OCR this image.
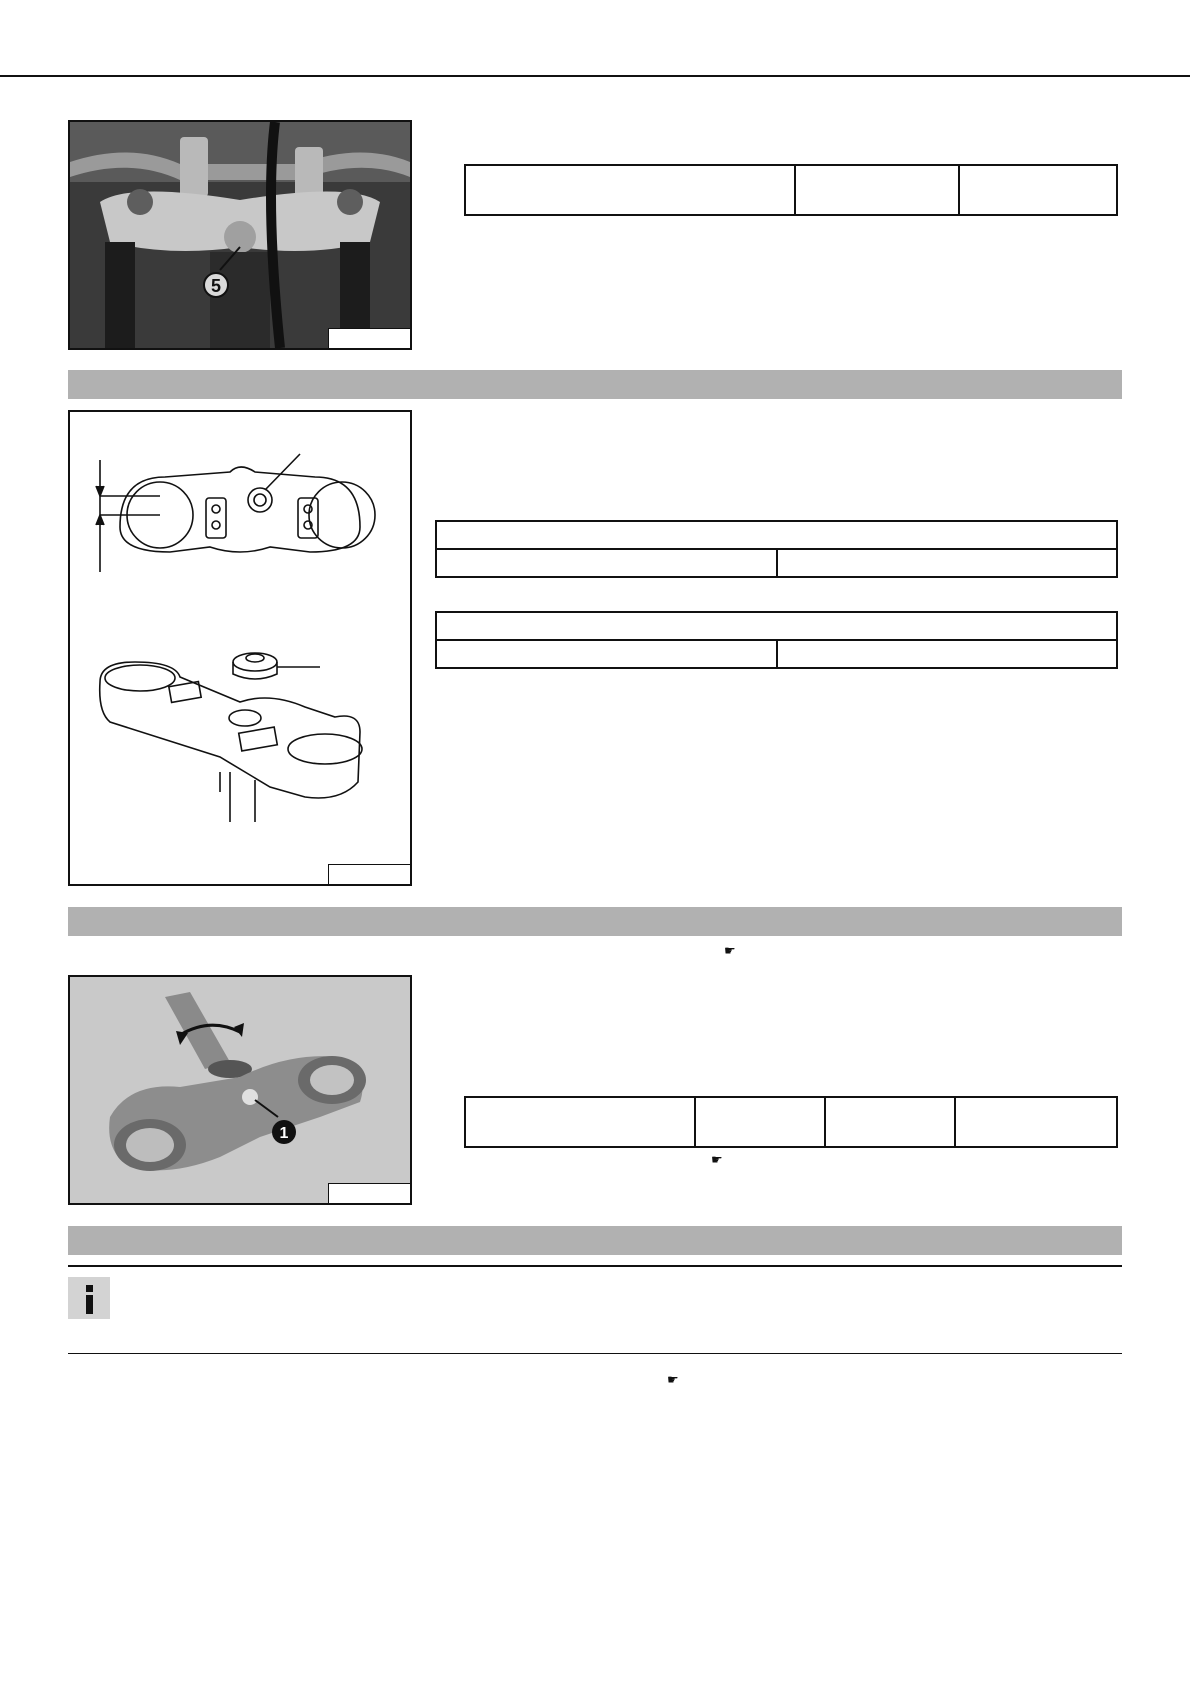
5

☛
1

☛
☛
